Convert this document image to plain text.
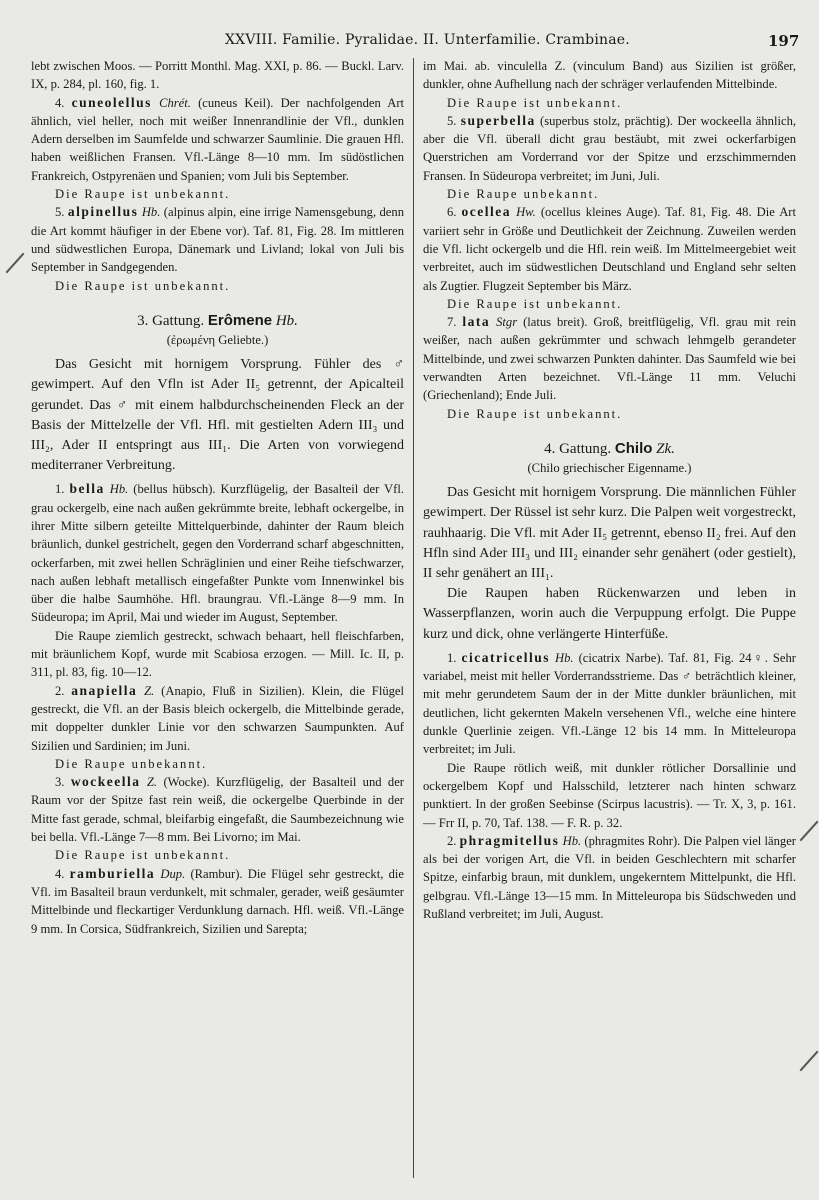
XXVIII. Familie. Pyralidae. II. Unterfamilie. Crambinae.	197

lebt zwischen Moos. — Porritt Monthl. Mag. XXI, p. 86. — Buckl. Larv. IX, p. 284, pl. 160, fig. 1.

4. cuneolellus Chrét. (cuneus Keil). Der nachfolgenden Art ähnlich, viel heller, noch mit weißer Innenrandlinie der Vfl., dunklen Adern derselben im Saumfelde und schwarzer Saumlinie. Die grauen Hfl. haben weißlichen Fransen. Vfl.-Länge 8—10 mm. Im südöstlichen Frankreich, Ostpyrenäen und Spanien; vom Juli bis September.

Die Raupe ist unbekannt.

5. alpinellus Hb. (alpinus alpin, eine irrige Namensgebung, denn die Art kommt häufiger in der Ebene vor). Taf. 81, Fig. 28. Im mittleren und südwestlichen Europa, Dänemark und Livland; lokal von Juli bis September in Sandgegenden.

Die Raupe ist unbekannt.

3. Gattung. Erômene Hb.
(ἐρωμένη Geliebte.)

Das Gesicht mit hornigem Vorsprung. Fühler des ♂ gewimpert. Auf den Vfln ist Ader II₅ getrennt, der Apicalteil gerundet. Das ♂ mit einem halbdurchscheinenden Fleck an der Basis der Mittelzelle der Vfl. Hfl. mit gestielten Adern III₃ und III₂, Ader II entspringt aus III₁. Die Arten von vorwiegend mediterraner Verbreitung.

1. bella Hb. (bellus hübsch). Kurzflügelig, der Basalteil der Vfl. grau ockergelb, eine nach außen gekrümmte breite, lebhaft ockergelbe, in ihrer Mitte silbern geteilte Mittelquerbinde, dahinter der Raum bleich bräunlich, dunkel gestrichelt, gegen den Vorderrand scharf abgeschnitten, ockerfarben, mit zwei hellen Schräglinien und einer Reihe tiefschwarzer, nach außen lebhaft metallisch eingefaßter Punkte vom Innenwinkel bis über die halbe Saumhöhe. Hfl. braungrau. Vfl.-Länge 8—9 mm. In Südeuropa; im April, Mai und wieder im August, September.

Die Raupe ziemlich gestreckt, schwach behaart, hell fleischfarben, mit bräunlichem Kopf, wurde mit Scabiosa erzogen. — Mill. Ic. II, p. 311, pl. 83, fig. 10—12.

2. anapiella Z. (Anapio, Fluß in Sizilien). Klein, die Flügel gestreckt, die Vfl. an der Basis bleich ockergelb, die Mittelbinde gerade, mit doppelter dunkler Linie vor den schwarzen Saumpunkten. Auf Sizilien und Sardinien; im Juni.

Die Raupe unbekannt.

3. wockeella Z. (Wocke). Kurzflügelig, der Basalteil und der Raum vor der Spitze fast rein weiß, die ockergelbe Querbinde in der Mitte fast gerade, schmal, bleifarbig eingefaßt, die Saumbezeichnung wie bei bella. Vfl.-Länge 7—8 mm. Bei Livorno; im Mai.

Die Raupe ist unbekannt.

4. ramburiella Dup. (Rambur). Die Flügel sehr gestreckt, die Vfl. im Basalteil braun verdunkelt, mit schmaler, gerader, weiß gesäumter Mittelbinde und fleckartiger Verdunklung darnach. Hfl. weiß. Vfl.-Länge 9 mm. In Corsica, Südfrankreich, Sizilien und Sarepta;

im Mai. ab. vinculella Z. (vinculum Band) aus Sizilien ist größer, dunkler, ohne Aufhellung nach der schräger verlaufenden Mittelbinde.

Die Raupe ist unbekannt.

5. superbella (superbus stolz, prächtig). Der wockeella ähnlich, aber die Vfl. überall dicht grau bestäubt, mit zwei ockerfarbigen Querstrichen am Vorderrand vor der Spitze und erzschimmernden Fransen. In Südeuropa verbreitet; im Juni, Juli.

Die Raupe unbekannt.

6. ocellea Hw. (ocellus kleines Auge). Taf. 81, Fig. 48. Die Art variiert sehr in Größe und Deutlichkeit der Zeichnung. Zuweilen werden die Vfl. licht ockergelb und die Hfl. rein weiß. Im Mittelmeergebiet weit verbreitet, auch im südwestlichen Deutschland und England sehr selten als Zugtier. Flugzeit September bis März.

Die Raupe ist unbekannt.

7. lata Stgr (latus breit). Groß, breitflügelig, Vfl. grau mit rein weißer, nach außen gekrümmter und schwach lehmgelb gerandeter Mittelbinde, und zwei schwarzen Punkten dahinter. Das Saumfeld wie bei verwandten Arten bezeichnet. Vfl.-Länge 11 mm. Veluchi (Griechenland); Ende Juli.

Die Raupe ist unbekannt.

4. Gattung. Chilo Zk.
(Chilo griechischer Eigenname.)

Das Gesicht mit hornigem Vorsprung. Die männlichen Fühler gewimpert. Der Rüssel ist sehr kurz. Die Palpen weit vorgestreckt, rauhhaarig. Die Vfl. mit Ader II₅ getrennt, ebenso II₂ frei. Auf den Hfln sind Ader III₃ und III₂ einander sehr genähert (oder gestielt), II sehr genähert an III₁.

Die Raupen haben Rückenwarzen und leben in Wasserpflanzen, worin auch die Verpuppung erfolgt. Die Puppe kurz und dick, ohne verlängerte Hinterfüße.

1. cicatricellus Hb. (cicatrix Narbe). Taf. 81, Fig. 24♀. Sehr variabel, meist mit heller Vorderrandsstrieme. Das ♂ beträchtlich kleiner, mit mehr gerundetem Saum der in der Mitte dunkler bräunlichen, mit deutlichen, licht gekernten Makeln versehenen Vfl., welche eine hintere dunkle Querlinie zeigen. Vfl.-Länge 12 bis 14 mm. In Mitteleuropa verbreitet; im Juli.

Die Raupe rötlich weiß, mit dunkler rötlicher Dorsallinie und ockergelbem Kopf und Halsschild, letzterer nach hinten schwarz punktiert. In der großen Seebinse (Scirpus lacustris). — Tr. X, 3, p. 161. — Frr II, p. 70, Taf. 138. — F. R. p. 32.

2. phragmitellus Hb. (phragmites Rohr). Die Palpen viel länger als bei der vorigen Art, die Vfl. in beiden Geschlechtern mit scharfer Spitze, einfarbig braun, mit dunklem, ungekerntem Mittelpunkt, die Hfl. gelbgrau. Vfl.-Länge 13—15 mm. In Mitteleuropa bis Südschweden und Rußland verbreitet; im Juli, August.
